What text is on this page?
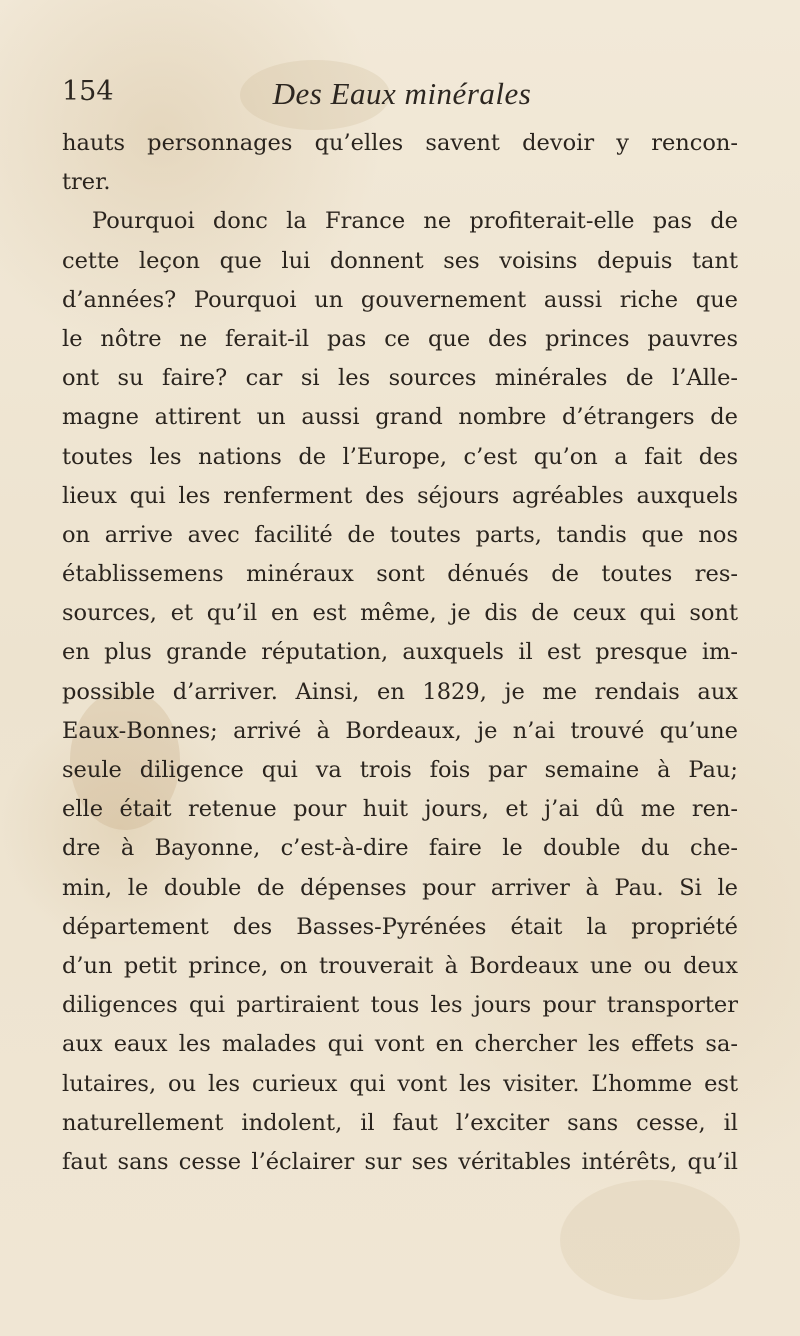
154	Des Eaux minérales
hauts personnages qu’elles savent devoir y rencon-
trer.
Pourquoi donc la France ne profiterait-elle pas de
cette leçon que lui donnent ses voisins depuis tant
d’années? Pourquoi un gouvernement aussi riche que
le nôtre ne ferait-il pas ce que des princes pauvres
ont su faire? car si les sources minérales de l’Alle-
magne attirent un aussi grand nombre d’étrangers de
toutes les nations de l’Europe, c’est qu’on a fait des
lieux qui les renferment des séjours agréables auxquels
on arrive avec facilité de toutes parts, tandis que nos
établissemens minéraux sont dénués de toutes res-
sources, et qu’il en est même, je dis de ceux qui sont
en plus grande réputation, auxquels il est presque im-
possible d’arriver. Ainsi, en 1829, je me rendais aux
Eaux-Bonnes; arrivé à Bordeaux, je n’ai trouvé qu’une
seule diligence qui va trois fois par semaine à Pau;
elle était retenue pour huit jours, et j’ai dû me ren-
dre à Bayonne, c’est-à-dire faire le double du che-
min, le double de dépenses pour arriver à Pau. Si le
département des Basses-Pyrénées était la propriété
d’un petit prince, on trouverait à Bordeaux une ou deux
diligences qui partiraient tous les jours pour transporter
aux eaux les malades qui vont en chercher les effets sa-
lutaires, ou les curieux qui vont les visiter. L’homme est
naturellement indolent, il faut l’exciter sans cesse, il
faut sans cesse l’éclairer sur ses véritables intérêts, qu’il
